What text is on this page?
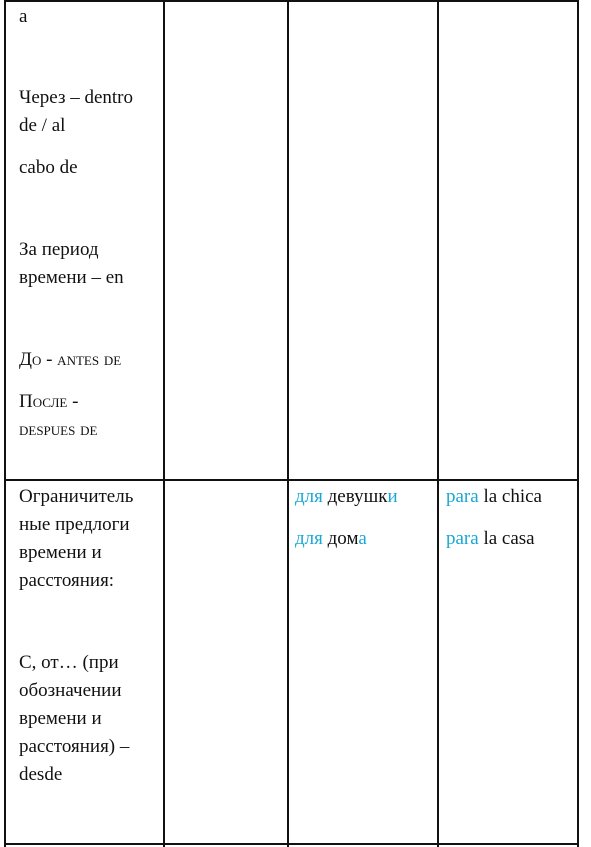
a

Через – dentro

de / al

cabo de

За период

времени – en

До - antes de

После -

despues de

Ограничитель

ные предлоги

времени и

расстояния:

С, от… (при

обозначении

времени и

расстояния) –

desde

для девушки

для дома

para la chica

para la casa
